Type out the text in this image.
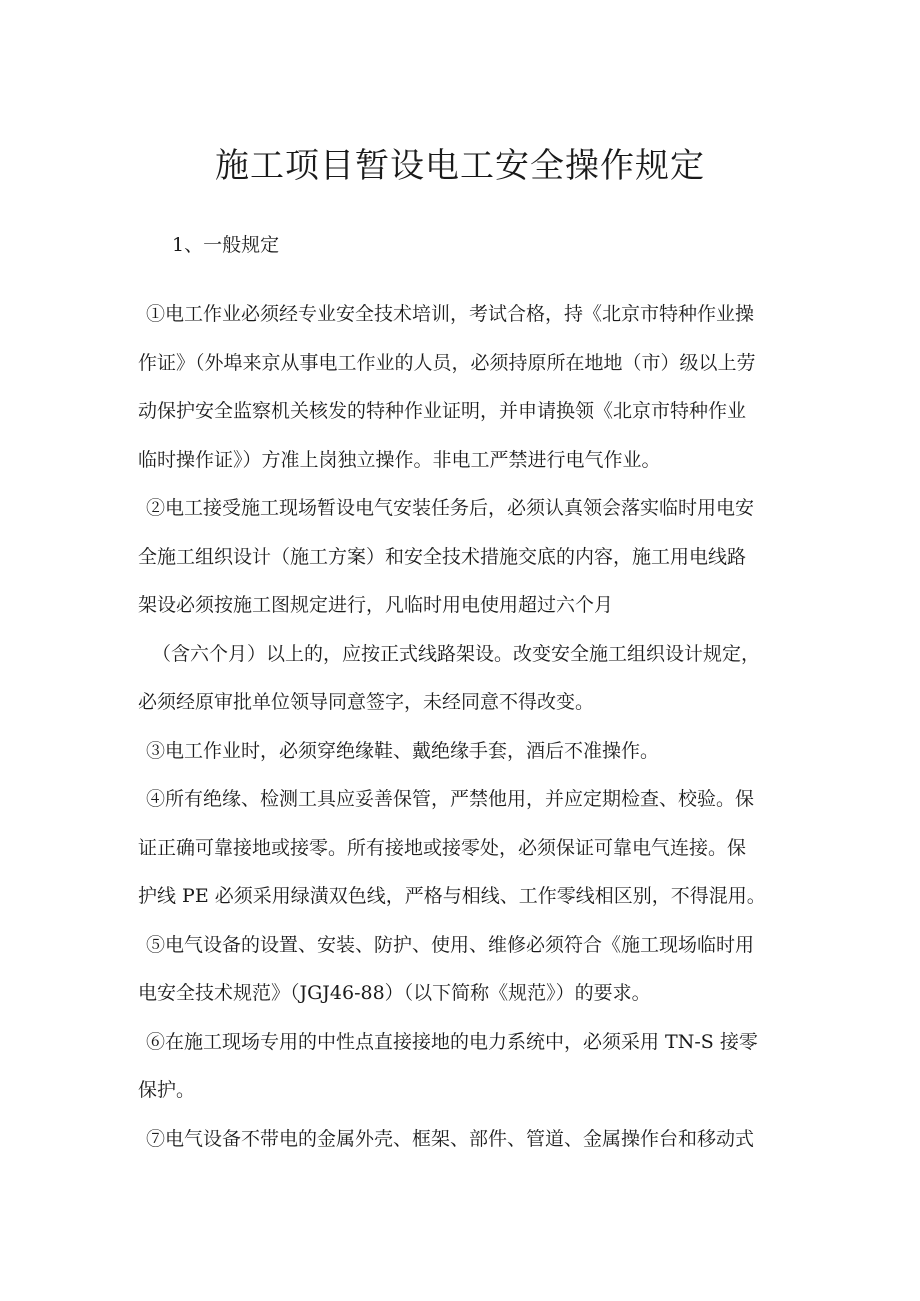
施工项目暂设电工安全操作规定

1、一般规定

①电工作业必须经专业安全技术培训，考试合格，持《北京市特种作业操
作证》（外埠来京从事电工作业的人员，必须持原所在地地（市）级以上劳
动保护安全监察机关核发的特种作业证明，并申请换领《北京市特种作业
临时操作证》）方准上岗独立操作。非电工严禁进行电气作业。
②电工接受施工现场暂设电气安装任务后，必须认真领会落实临时用电安
全施工组织设计（施工方案）和安全技术措施交底的内容，施工用电线路
架设必须按施工图规定进行，凡临时用电使用超过六个月
（含六个月）以上的，应按正式线路架设。改变安全施工组织设计规定，
必须经原审批单位领导同意签字，未经同意不得改变。
③电工作业时，必须穿绝缘鞋、戴绝缘手套，酒后不准操作。
④所有绝缘、检测工具应妥善保管，严禁他用，并应定期检查、校验。保
证正确可靠接地或接零。所有接地或接零处，必须保证可靠电气连接。保
护线 PE 必须采用绿潢双色线，严格与相线、工作零线相区别，不得混用。
⑤电气设备的设置、安装、防护、使用、维修必须符合《施工现场临时用
电安全技术规范》（JGJ46-88）（以下简称《规范》）的要求。
⑥在施工现场专用的中性点直接接地的电力系统中，必须采用 TN-S 接零
保护。
⑦电气设备不带电的金属外壳、框架、部件、管道、金属操作台和移动式
